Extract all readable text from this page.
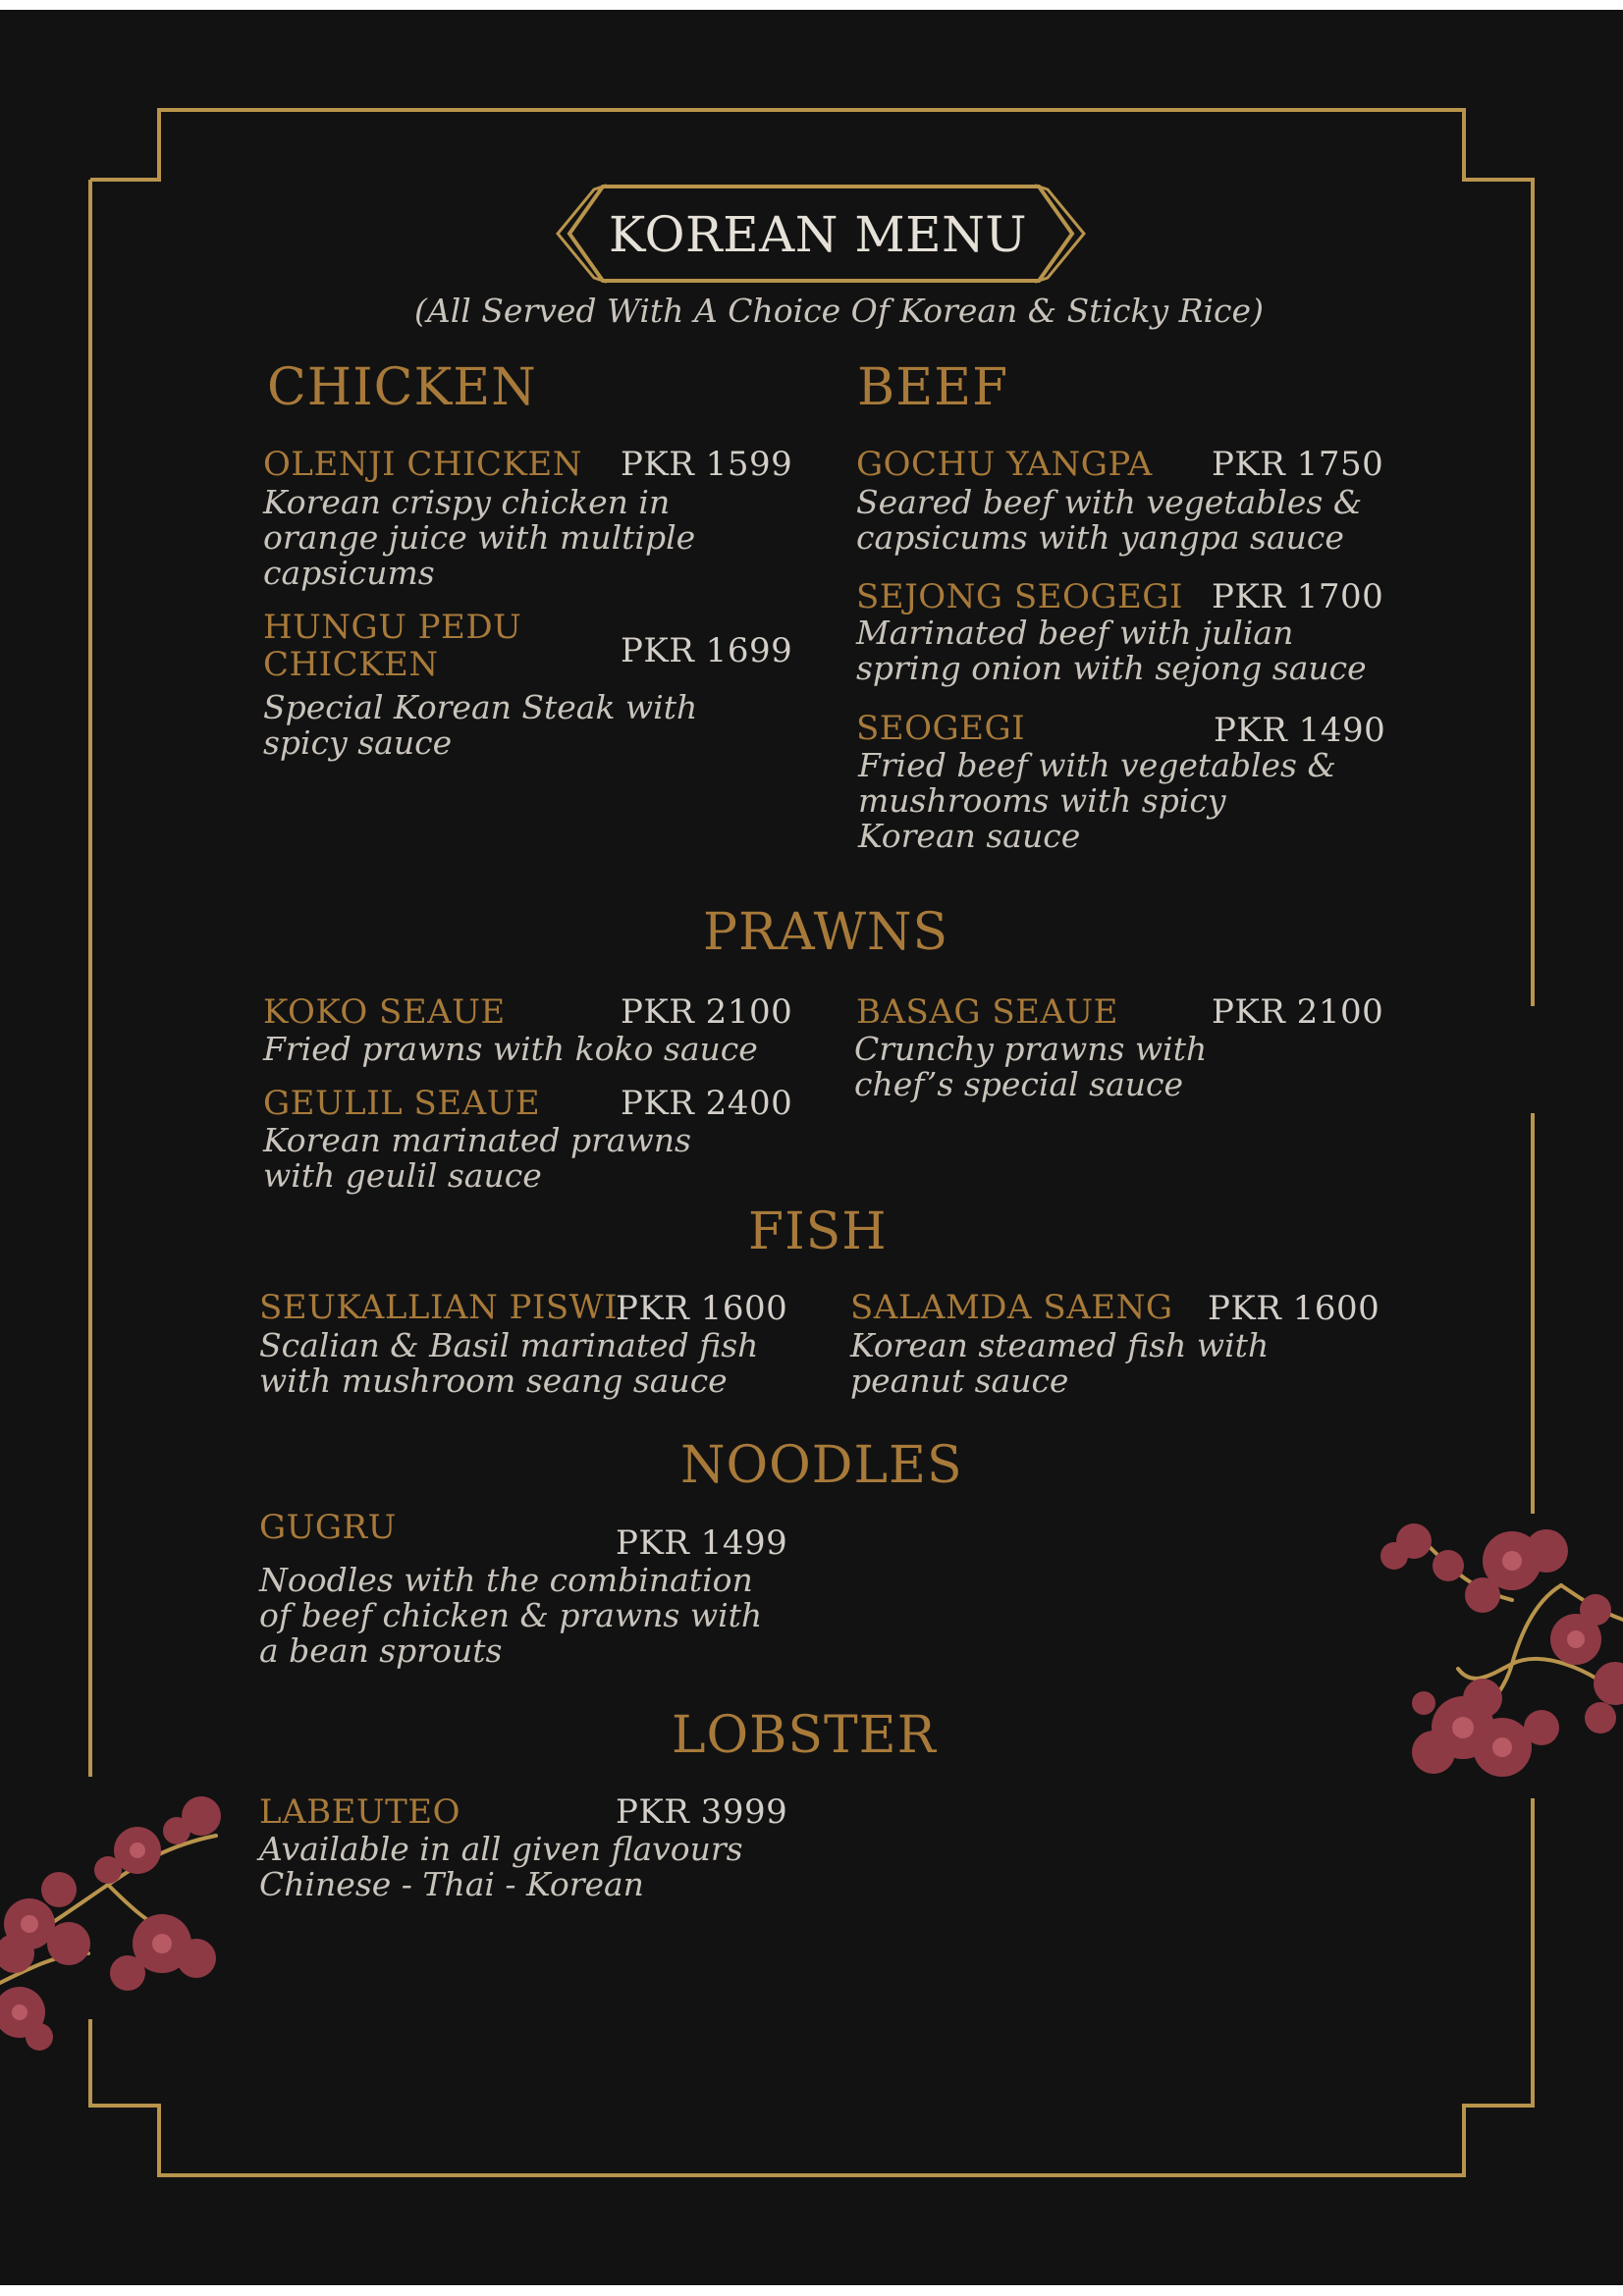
KOREAN MENU
(All Served With A Choice Of Korean & Sticky Rice)
CHICKEN
OLENJI CHICKEN PKR 1599
Korean crispy chicken in orange juice with multiple capsicums
HUNGU PEDU
CHICKEN	PKR 1699
Special Korean Steak with spicy sauce
BEEF
GOCHU YANGPA PKR 1750
Seared beef with vegetables & capsicums with yangpa sauce
SEJONG SEOGEGI PKR 1700
Marinated beef with julian spring onion with sejong sauce
SEOGEGI	PKR 1490
Fried beef with vegetables &
mushrooms with spicy
Korean sauce
PRAWNS
KOKO SEAUE	PKR 2100
Fried prawns with koko sauce
GEULIL SEAUE PKR 2400
Korean marinated prawns with geulil sauce
BASAG SEAUE	PKR 2100
Crunchy prawns with chef’s special sauce
FISH
SEUKALLIAN PISWI
PKR 1600
Scalian & Basil marinated fish with mushroom seang sauce
SALAMDA SAENG PKR 1600
Korean steamed fish with peanut sauce
NOODLES
GUGRU	PKR 1499
Noodles with the combination of beef chicken & prawns with a bean sprouts
LOBSTER
LABEUTEO	PKR 3999
Available in all given flavours
Chinese - Thai - Korean
